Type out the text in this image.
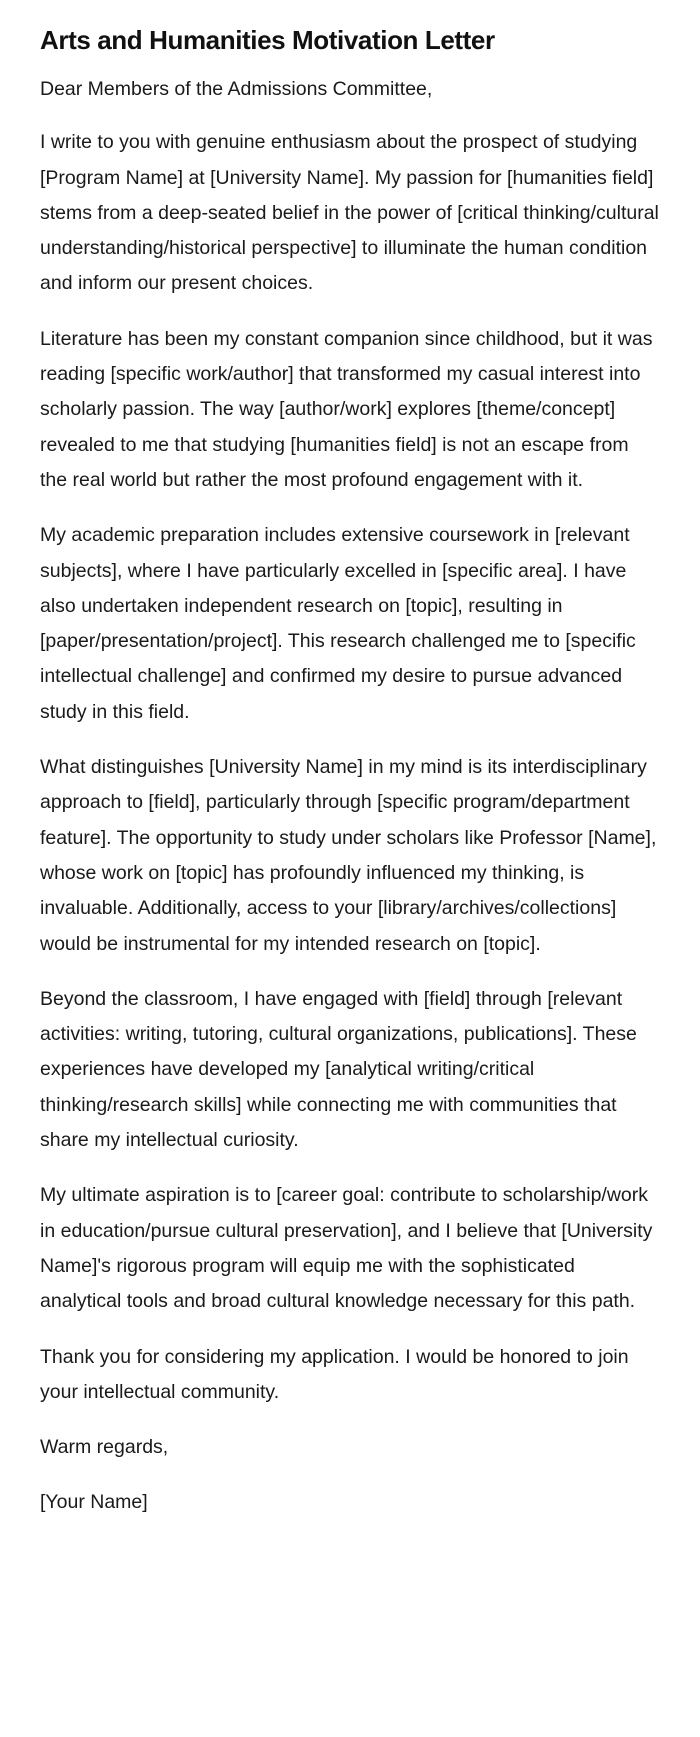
Arts and Humanities Motivation Letter

Dear Members of the Admissions Committee,

I write to you with genuine enthusiasm about the prospect of studying [Program Name] at [University Name]. My passion for [humanities field] stems from a deep-seated belief in the power of [critical thinking/cultural understanding/historical perspective] to illuminate the human condition and inform our present choices.

Literature has been my constant companion since childhood, but it was reading [specific work/author] that transformed my casual interest into scholarly passion. The way [author/work] explores [theme/concept] revealed to me that studying [humanities field] is not an escape from the real world but rather the most profound engagement with it.

My academic preparation includes extensive coursework in [relevant subjects], where I have particularly excelled in [specific area]. I have also undertaken independent research on [topic], resulting in [paper/presentation/project]. This research challenged me to [specific intellectual challenge] and confirmed my desire to pursue advanced study in this field.

What distinguishes [University Name] in my mind is its interdisciplinary approach to [field], particularly through [specific program/department feature]. The opportunity to study under scholars like Professor [Name], whose work on [topic] has profoundly influenced my thinking, is invaluable. Additionally, access to your [library/archives/collections] would be instrumental for my intended research on [topic].

Beyond the classroom, I have engaged with [field] through [relevant activities: writing, tutoring, cultural organizations, publications]. These experiences have developed my [analytical writing/critical thinking/research skills] while connecting me with communities that share my intellectual curiosity.

My ultimate aspiration is to [career goal: contribute to scholarship/work in education/pursue cultural preservation], and I believe that [University Name]'s rigorous program will equip me with the sophisticated analytical tools and broad cultural knowledge necessary for this path.

Thank you for considering my application. I would be honored to join your intellectual community.

Warm regards,

[Your Name]
